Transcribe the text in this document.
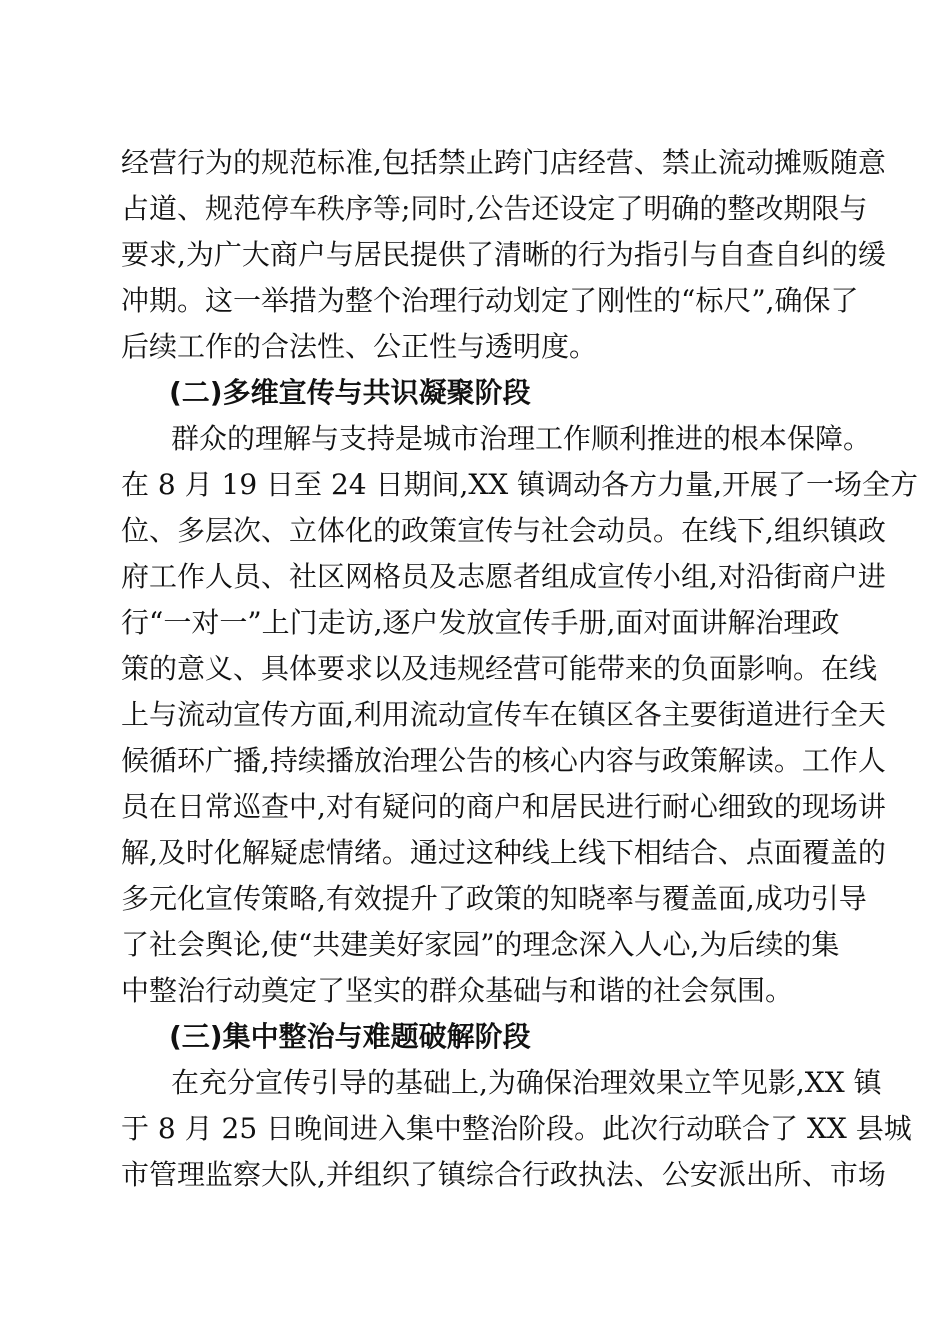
经营行为的规范标准,包括禁止跨门店经营、禁止流动摊贩随意
占道、规范停车秩序等;同时,公告还设定了明确的整改期限与
要求,为广大商户与居民提供了清晰的行为指引与自查自纠的缓
冲期。这一举措为整个治理行动划定了刚性的“标尺”,确保了
后续工作的合法性、公正性与透明度。
(二)多维宣传与共识凝聚阶段
群众的理解与支持是城市治理工作顺利推进的根本保障。
在 8 月 19 日至 24 日期间,XX 镇调动各方力量,开展了一场全方
位、多层次、立体化的政策宣传与社会动员。在线下,组织镇政
府工作人员、社区网格员及志愿者组成宣传小组,对沿街商户进
行“一对一”上门走访,逐户发放宣传手册,面对面讲解治理政
策的意义、具体要求以及违规经营可能带来的负面影响。在线
上与流动宣传方面,利用流动宣传车在镇区各主要街道进行全天
候循环广播,持续播放治理公告的核心内容与政策解读。工作人
员在日常巡查中,对有疑问的商户和居民进行耐心细致的现场讲
解,及时化解疑虑情绪。通过这种线上线下相结合、点面覆盖的
多元化宣传策略,有效提升了政策的知晓率与覆盖面,成功引导
了社会舆论,使“共建美好家园”的理念深入人心,为后续的集
中整治行动奠定了坚实的群众基础与和谐的社会氛围。
(三)集中整治与难题破解阶段
在充分宣传引导的基础上,为确保治理效果立竿见影,XX 镇
于 8 月 25 日晚间进入集中整治阶段。此次行动联合了 XX 县城
市管理监察大队,并组织了镇综合行政执法、公安派出所、市场
